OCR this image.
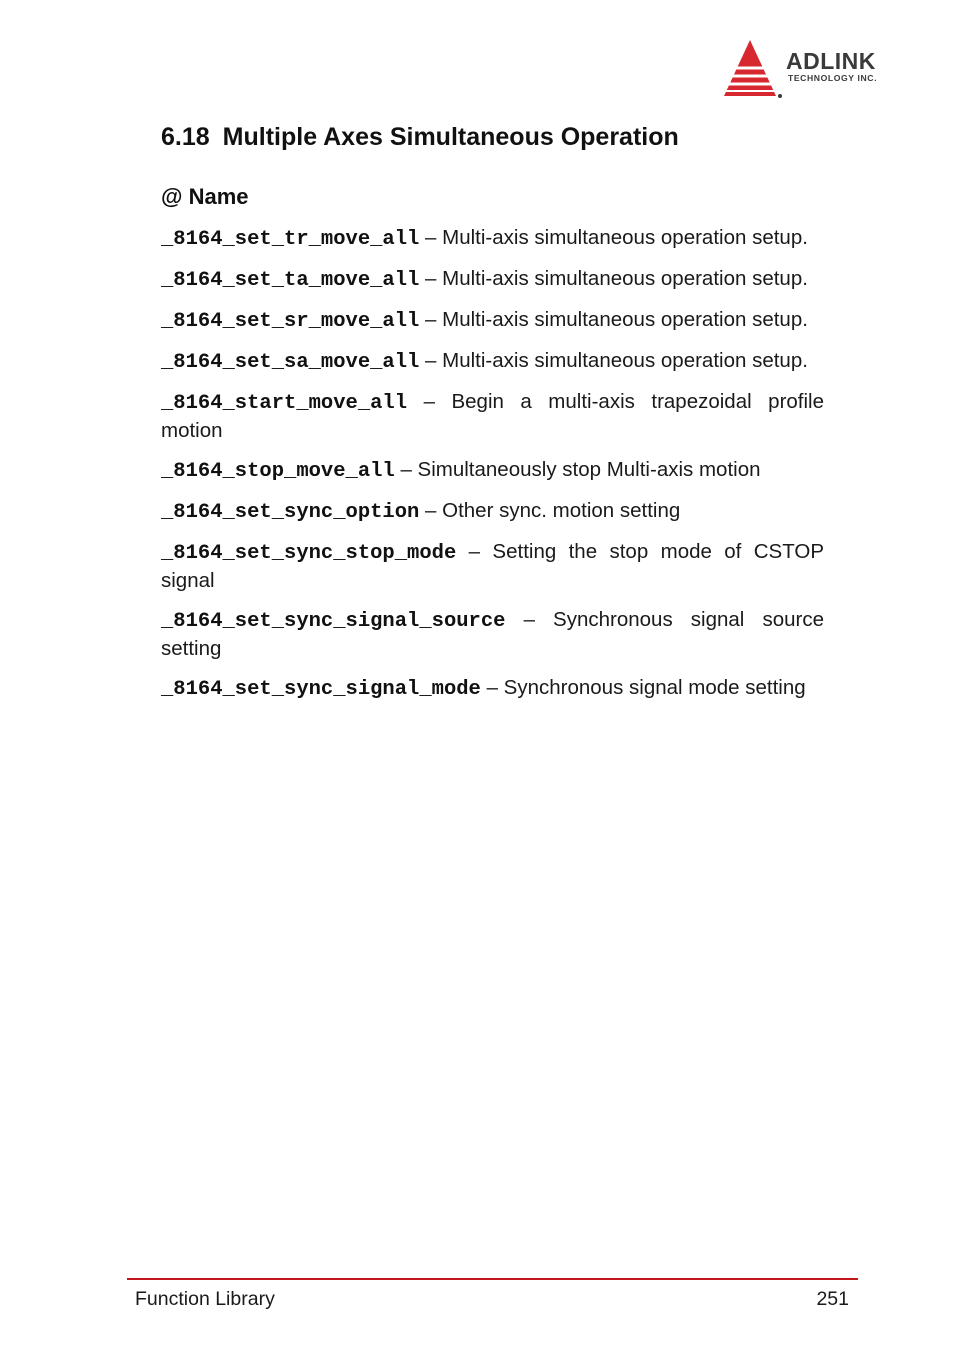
ADLINK
TECHNOLOGY INC.
6.18 Multiple Axes Simultaneous Operation
@ Name

_8164_set_tr_move_all – Multi-axis simultaneous operation setup.

_8164_set_ta_move_all – Multi-axis simultaneous operation setup.

_8164_set_sr_move_all – Multi-axis simultaneous operation setup.

_8164_set_sa_move_all – Multi-axis simultaneous operation setup.

_8164_start_move_all – Begin a multi-axis trapezoidal profile motion

_8164_stop_move_all – Simultaneously stop Multi-axis motion

_8164_set_sync_option – Other sync. motion setting

_8164_set_sync_stop_mode – Setting the stop mode of CSTOP signal

_8164_set_sync_signal_source – Synchronous signal source setting

_8164_set_sync_signal_mode – Synchronous signal mode setting

Function Library	251
